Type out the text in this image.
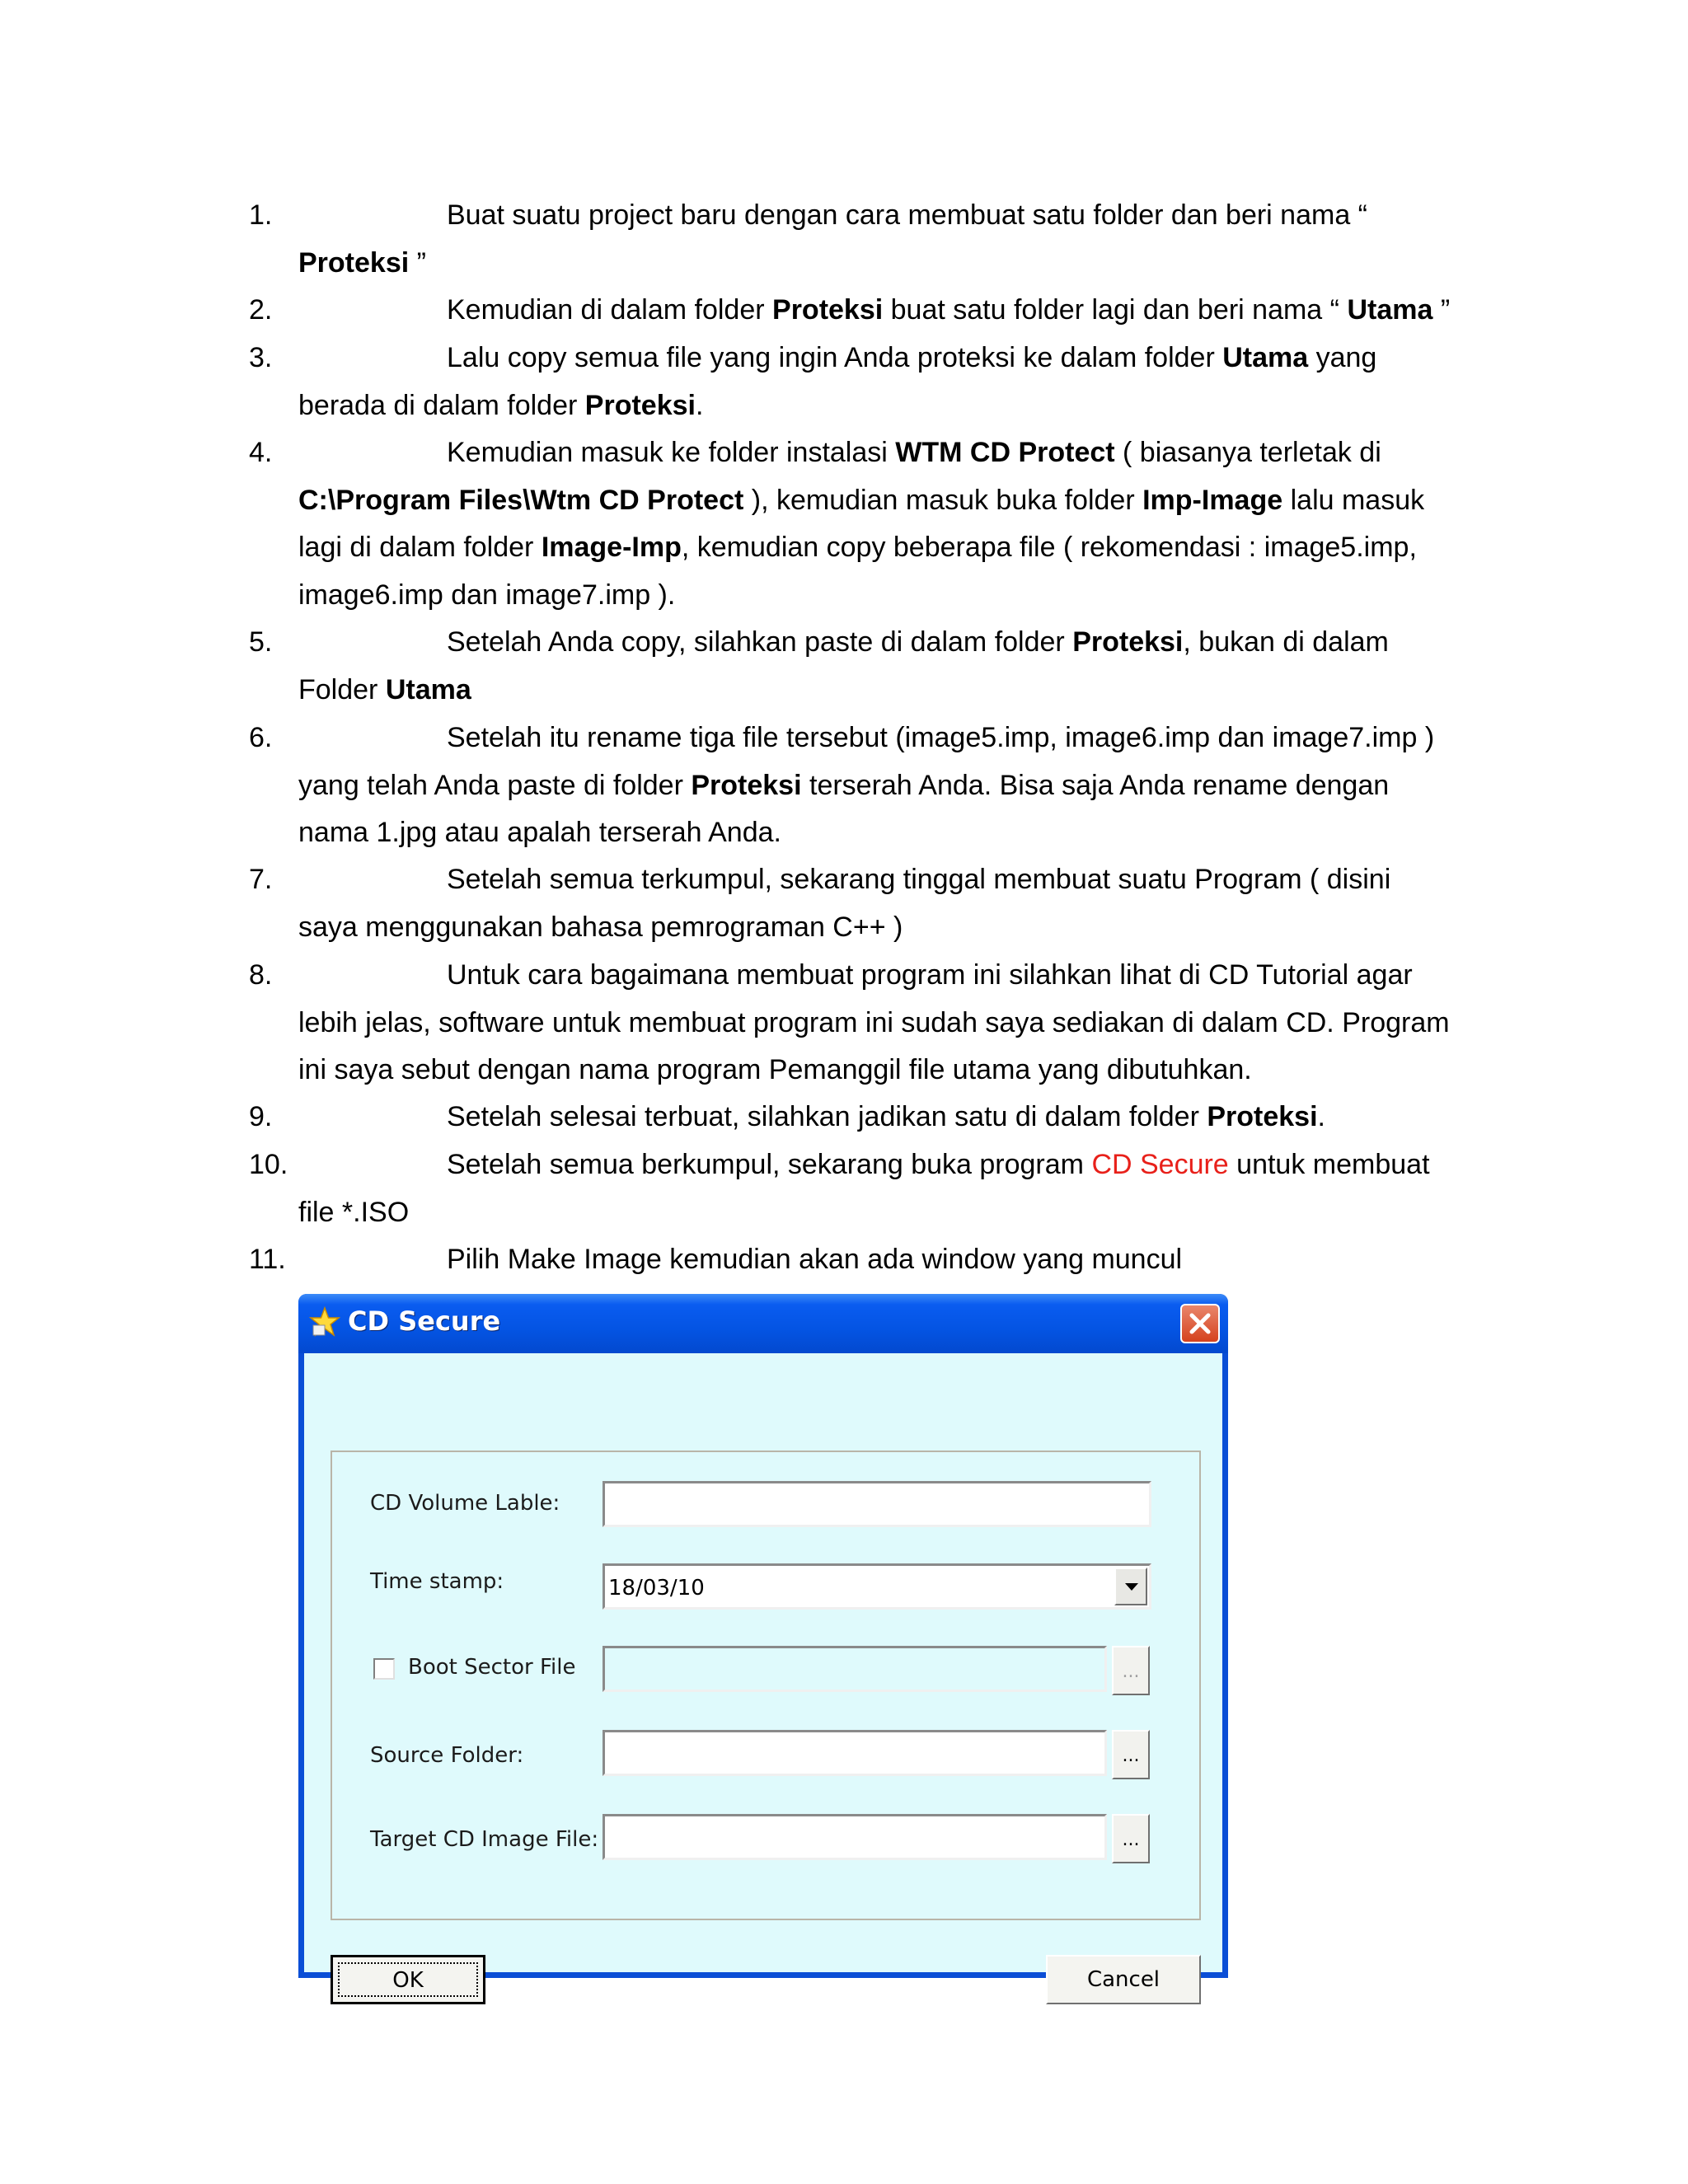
1.	Buat suatu project baru dengan cara membuat satu folder dan beri nama “
Proteksi ”
2.	Kemudian di dalam folder Proteksi buat satu folder lagi dan beri nama “ Utama ”
3.	Lalu copy semua file yang ingin Anda proteksi ke dalam folder Utama yang
berada di dalam folder Proteksi.
4.	Kemudian masuk ke folder instalasi WTM CD Protect ( biasanya terletak di
C:\Program Files\Wtm CD Protect ), kemudian masuk buka folder Imp-Image lalu masuk
lagi di dalam folder Image-Imp, kemudian copy beberapa file ( rekomendasi : image5.imp,
image6.imp dan image7.imp ).
5.	Setelah Anda copy, silahkan paste di dalam folder Proteksi, bukan di dalam
Folder Utama
6.	Setelah itu rename tiga file tersebut (image5.imp, image6.imp dan image7.imp )
yang telah Anda paste di folder Proteksi terserah Anda. Bisa saja Anda rename dengan
nama 1.jpg atau apalah terserah Anda.
7.	Setelah semua terkumpul, sekarang tinggal membuat suatu Program ( disini
saya menggunakan bahasa pemrograman C++ )
8.	Untuk cara bagaimana membuat program ini silahkan lihat di CD Tutorial agar
lebih jelas, software untuk membuat program ini sudah saya sediakan di dalam CD. Program
ini saya sebut dengan nama program Pemanggil file utama yang dibutuhkan.
9.	Setelah selesai terbuat, silahkan jadikan satu di dalam folder Proteksi.
10.	Setelah semua berkumpul, sekarang buka program CD Secure untuk membuat
file *.ISO
11.	Pilih Make Image kemudian akan ada window yang muncul
CD Secure
CD Volume Lable:
Time stamp:	18/03/10
Boot Sector File	...
Source Folder:	...
Target CD Image File:	...
OK	Cancel
